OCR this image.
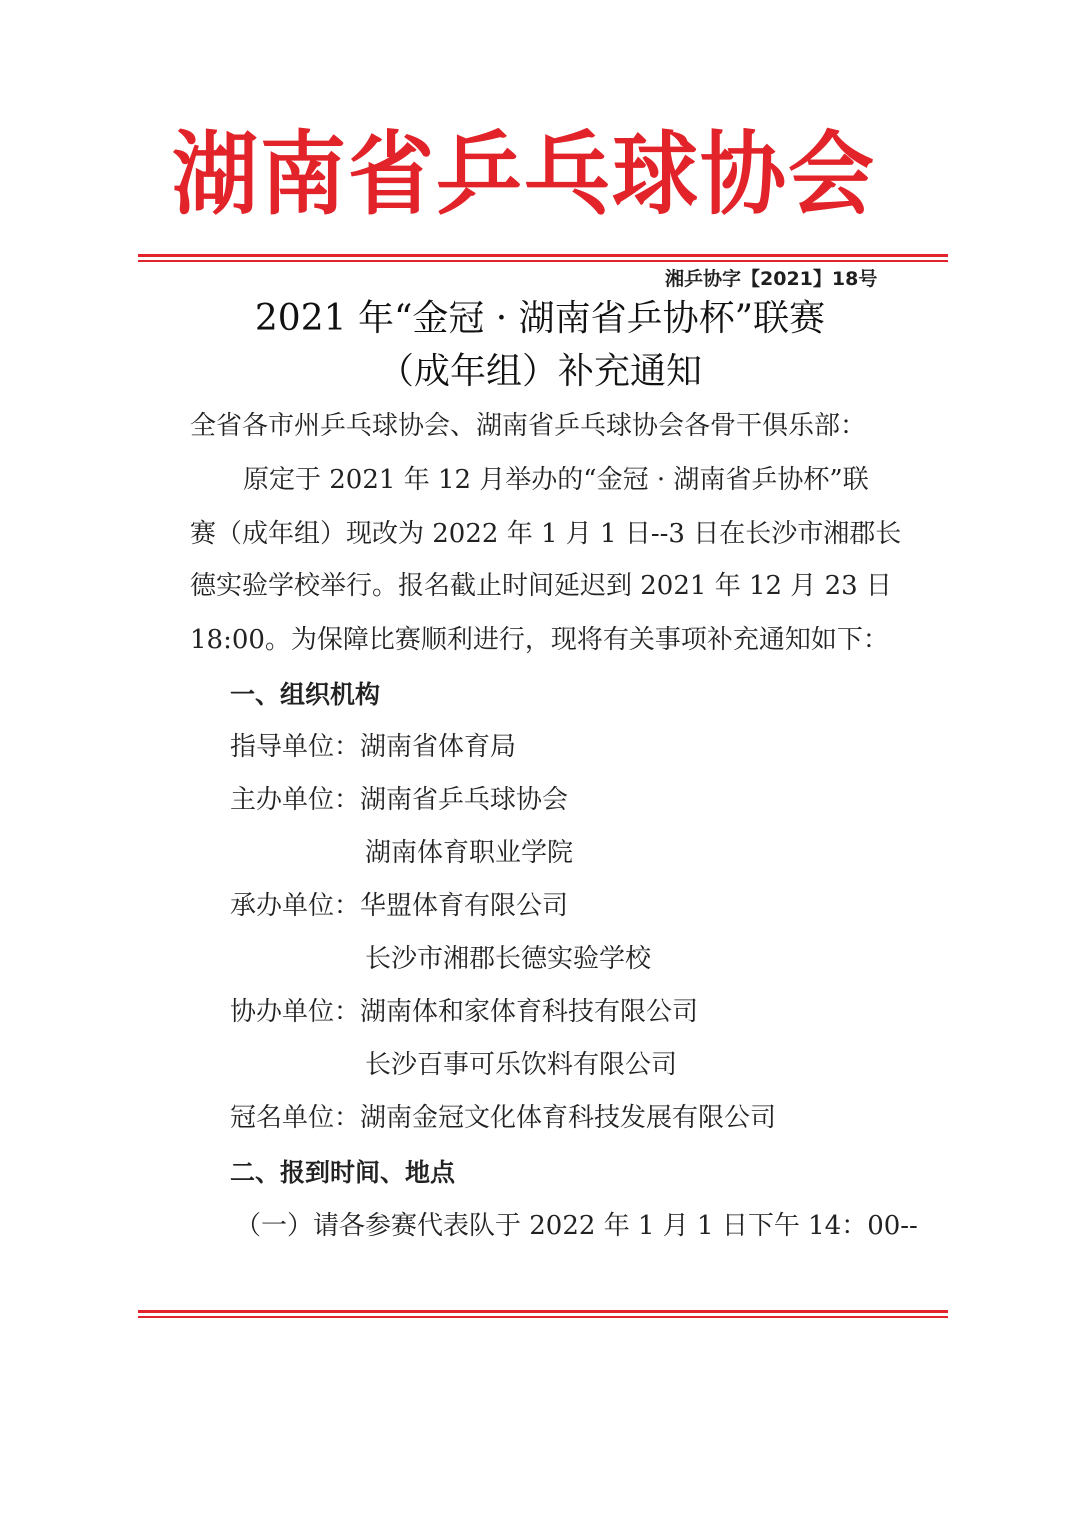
湖南省乒乓球协会
湘乒协字【2021】18号
2021 年“金冠 · 湖南省乒协杯”联赛
（成年组）补充通知
全省各市州乒乓球协会、湖南省乒乓球协会各骨干俱乐部：
原定于 2021 年 12 月举办的“金冠 · 湖南省乒协杯”联
赛（成年组）现改为 2022 年 1 月 1 日--3 日在长沙市湘郡长
德实验学校举行。报名截止时间延迟到 2021 年 12 月 23 日
18:00。为保障比赛顺利进行，现将有关事项补充通知如下：
一、组织机构
指导单位：湖南省体育局
主办单位：湖南省乒乓球协会
湖南体育职业学院
承办单位：华盟体育有限公司
长沙市湘郡长德实验学校
协办单位：湖南体和家体育科技有限公司
长沙百事可乐饮料有限公司
冠名单位：湖南金冠文化体育科技发展有限公司
二、报到时间、地点
（一）请各参赛代表队于 2022 年 1 月 1 日下午 14：00--
